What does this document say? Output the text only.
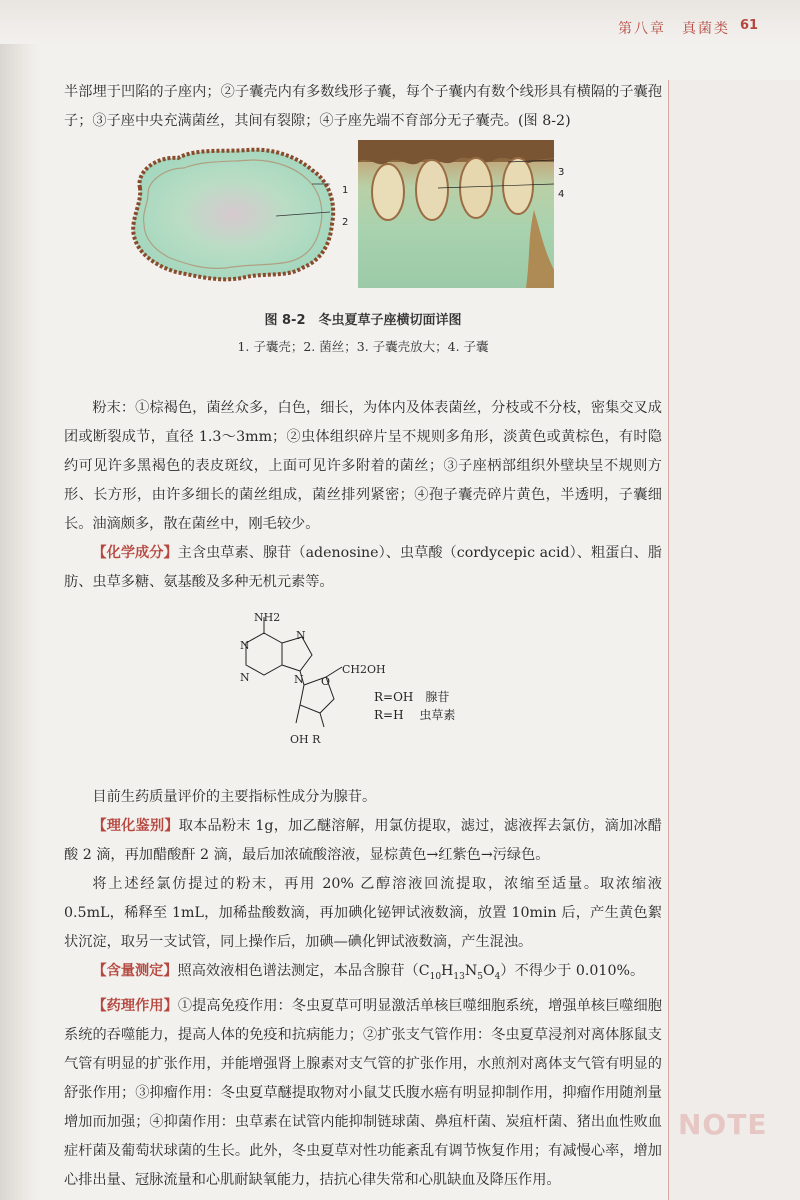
第八章　真菌类 61
NOTE

半部埋于凹陷的子座内；②子囊壳内有多数线形子囊，每个子囊内有数个线形具有横隔的子囊孢子；③子座中央充满菌丝，其间有裂隙；④子座先端不育部分无子囊壳。(图 8-2)

1
2
3
4
图 8-2　冬虫夏草子座横切面详图
1. 子囊壳；2. 菌丝；3. 子囊壳放大；4. 子囊

粉末：①棕褐色，菌丝众多，白色，细长，为体内及体表菌丝，分枝或不分枝，密集交叉成团或断裂成节，直径 1.3～3mm；②虫体组织碎片呈不规则多角形，淡黄色或黄棕色，有时隐约可见许多黑褐色的表皮斑纹，上面可见许多附着的菌丝；③子座柄部组织外壁块呈不规则方形、长方形，由许多细长的菌丝组成，菌丝排列紧密；④孢子囊壳碎片黄色，半透明，子囊细长。油滴颇多，散在菌丝中，刚毛较少。

【化学成分】主含虫草素、腺苷（adenosine）、虫草酸（cordycepic acid）、粗蛋白、脂肪、虫草多糖、氨基酸及多种无机元素等。

NH2
N
N
N	N O
CH2OH
OH R
R=OH　腺苷
R=H　 虫草素

目前生药质量评价的主要指标性成分为腺苷。

【理化鉴别】取本品粉末 1g，加乙醚溶解，用氯仿提取，滤过，滤液挥去氯仿，滴加冰醋酸 2 滴，再加醋酸酐 2 滴，最后加浓硫酸溶液，显棕黄色→红紫色→污绿色。

将上述经氯仿提过的粉末，再用 20% 乙醇溶液回流提取，浓缩至适量。取浓缩液 0.5mL，稀释至 1mL，加稀盐酸数滴，再加碘化铋钾试液数滴，放置 10min 后，产生黄色絮状沉淀，取另一支试管，同上操作后，加碘—碘化钾试液数滴，产生混浊。

【含量测定】照高效液相色谱法测定，本品含腺苷$(C_{10}H_{13}N_5O_4)$不得少于 0.010%。

【药理作用】①提高免疫作用：冬虫夏草可明显激活单核巨噬细胞系统，增强单核巨噬细胞系统的吞噬能力，提高人体的免疫和抗病能力；②扩张支气管作用：冬虫夏草浸剂对离体豚鼠支气管有明显的扩张作用，并能增强肾上腺素对支气管的扩张作用，水煎剂对离体支气管有明显的舒张作用；③抑瘤作用：冬虫夏草醚提取物对小鼠艾氏腹水癌有明显抑制作用，抑瘤作用随剂量增加而加强；④抑菌作用：虫草素在试管内能抑制链球菌、鼻疽杆菌、炭疽杆菌、猪出血性败血症杆菌及葡萄状球菌的生长。此外，冬虫夏草对性功能紊乱有调节恢复作用；有减慢心率，增加心排出量、冠脉流量和心肌耐缺氧能力，拮抗心律失常和心肌缺血及降压作用。
